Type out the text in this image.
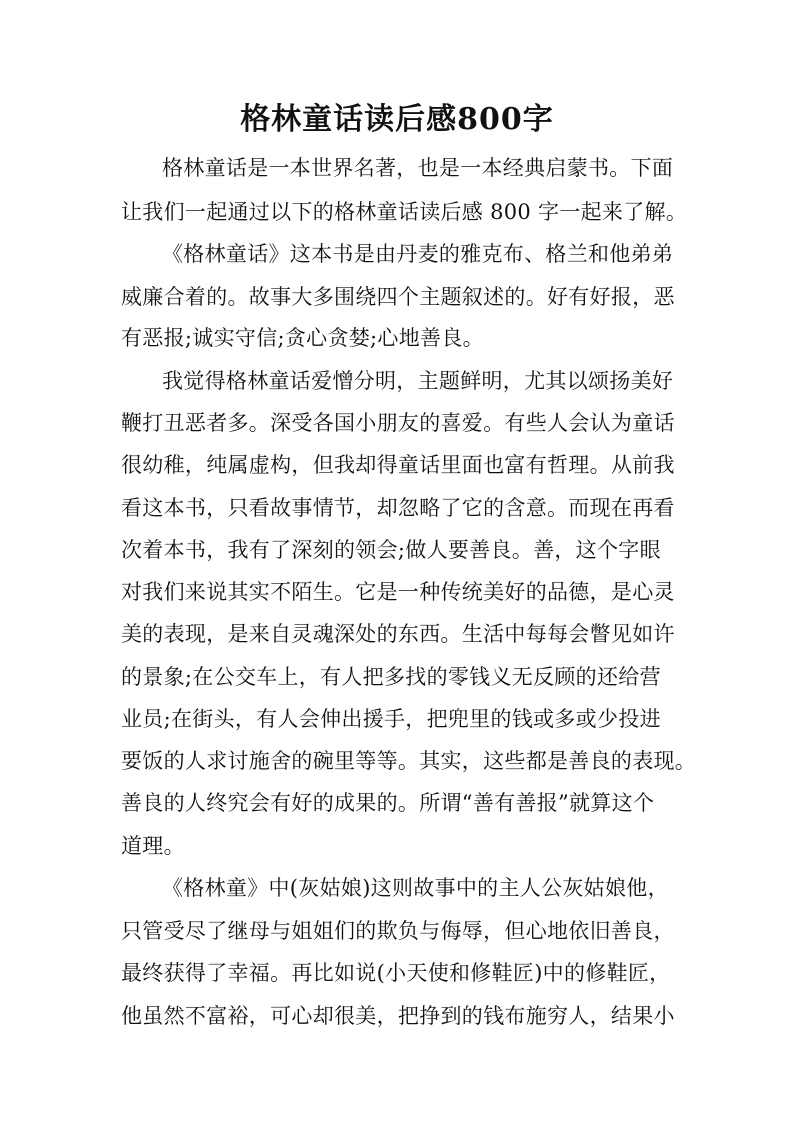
格林童话读后感800字
格林童话是一本世界名著，也是一本经典启蒙书。下面
让我们一起通过以下的格林童话读后感 800 字一起来了解。
《格林童话》这本书是由丹麦的雅克布、格兰和他弟弟
威廉合着的。故事大多围绕四个主题叙述的。好有好报，恶
有恶报;诚实守信;贪心贪婪;心地善良。
我觉得格林童话爱憎分明，主题鲜明，尤其以颂扬美好
鞭打丑恶者多。深受各国小朋友的喜爱。有些人会认为童话
很幼稚，纯属虚构，但我却得童话里面也富有哲理。从前我
看这本书，只看故事情节，却忽略了它的含意。而现在再看
次着本书，我有了深刻的领会;做人要善良。善，这个字眼
对我们来说其实不陌生。它是一种传统美好的品德，是心灵
美的表现，是来自灵魂深处的东西。生活中每每会瞥见如许
的景象;在公交车上，有人把多找的零钱义无反顾的还给营
业员;在街头，有人会伸出援手，把兜里的钱或多或少投进
要饭的人求讨施舍的碗里等等。其实，这些都是善良的表现。
善良的人终究会有好的成果的。所谓“善有善报”就算这个
道理。
《格林童》中(灰姑娘)这则故事中的主人公灰姑娘他，
只管受尽了继母与姐姐们的欺负与侮辱，但心地依旧善良，
最终获得了幸福。再比如说(小天使和修鞋匠)中的修鞋匠，
他虽然不富裕，可心却很美，把挣到的钱布施穷人，结果小
